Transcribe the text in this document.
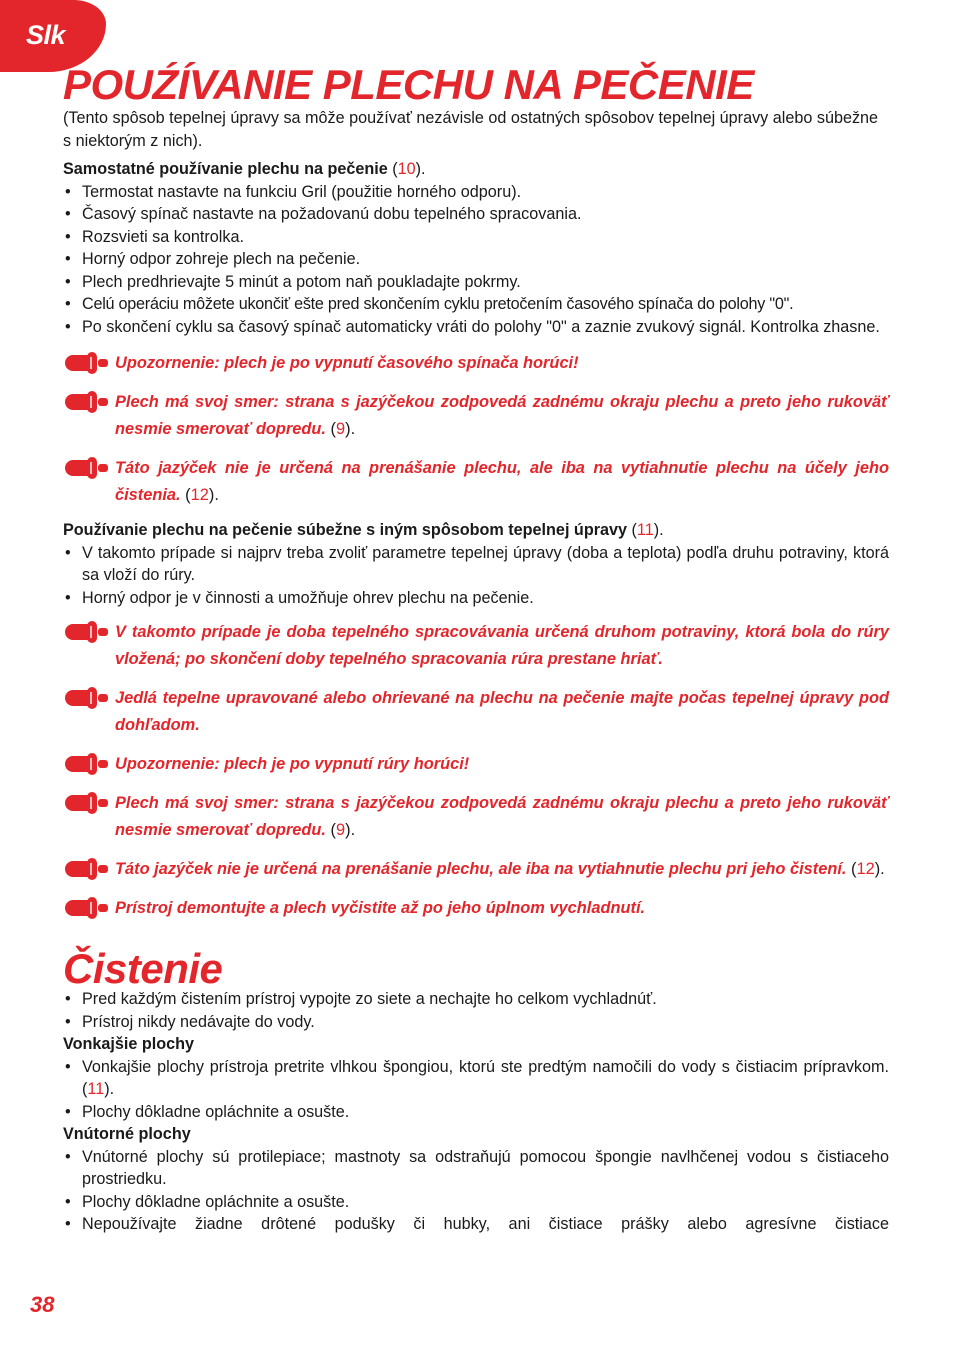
Slk
POUŹÍVANIE PLECHU NA PEČENIE

(Tento spôsob tepelnej úpravy sa môže používať nezávisle od ostatných spôsobov tepelnej úpravy alebo súbežne s niektorým z nich).

Samostatné používanie plechu na pečenie (10).

• Termostat nastavte na funkciu Gril (použitie horného odporu).
• Časový spínač nastavte na požadovanú dobu tepelného spracovania.
• Rozsvieti sa kontrolka.
• Horný odpor zohreje plech na pečenie.
• Plech predhrievajte 5 minút a potom naň poukladajte pokrmy.
• Celú operáciu môžete ukončiť ešte pred skončením cyklu pretočením časového spínača do polohy "0".
• Po skončení cyklu sa časový spínač automaticky vráti do polohy "0" a zaznie zvukový signál. Kontrolka zhasne.
Upozornenie: plech je po vypnutí časového spínača horúci!
Plech má svoj smer: strana s jazýčekou zodpovedá zadnému okraju plechu a preto jeho rukoväť nesmie smerovať dopredu. (9).
Táto jazýček nie je určená na prenášanie plechu, ale iba na vytiahnutie plechu na účely jeho čistenia. (12).

Používanie plechu na pečenie súbežne s iným spôsobom tepelnej úpravy (11).

• V takomto prípade si najprv treba zvoliť parametre tepelnej úpravy (doba a teplota) podľa druhu potraviny, ktorá sa vloží do rúry.
• Horný odpor je v činnosti a umožňuje ohrev plechu na pečenie.
V takomto prípade je doba tepelného spracovávania určená druhom potraviny, ktorá bola do rúry vložená; po skončení doby tepelného spracovania rúra prestane hriať.
Jedlá tepelne upravované alebo ohrievané na plechu na pečenie majte počas tepelnej úpravy pod dohľadom.
Upozornenie: plech je po vypnutí rúry horúci!
Plech má svoj smer: strana s jazýčekou zodpovedá zadnému okraju plechu a preto jeho rukoväť nesmie smerovať dopredu. (9).
Táto jazýček nie je určená na prenášanie plechu, ale iba na vytiahnutie plechu pri jeho čistení. (12).
Prístroj demontujte a plech vyčistite až po jeho úplnom vychladnutí.
Čistenie
• Pred každým čistením prístroj vypojte zo siete a nechajte ho celkom vychladnúť.
• Prístroj nikdy nedávajte do vody.

Vonkajšie plochy

• Vonkajšie plochy prístroja pretrite vlhkou špongiou, ktorú ste predtým namočili do vody s čistiacim prípravkom. (11).
• Plochy dôkladne opláchnite a osušte.

Vnútorné plochy

• Vnútorné plochy sú protilepiace; mastnoty sa odstraňujú pomocou špongie navlhčenej vodou s čistiaceho prostriedku.
• Plochy dôkladne opláchnite a osušte.
• Nepoužívajte žiadne drôtené podušky či hubky, ani čistiace prášky alebo agresívne čistiace
38
